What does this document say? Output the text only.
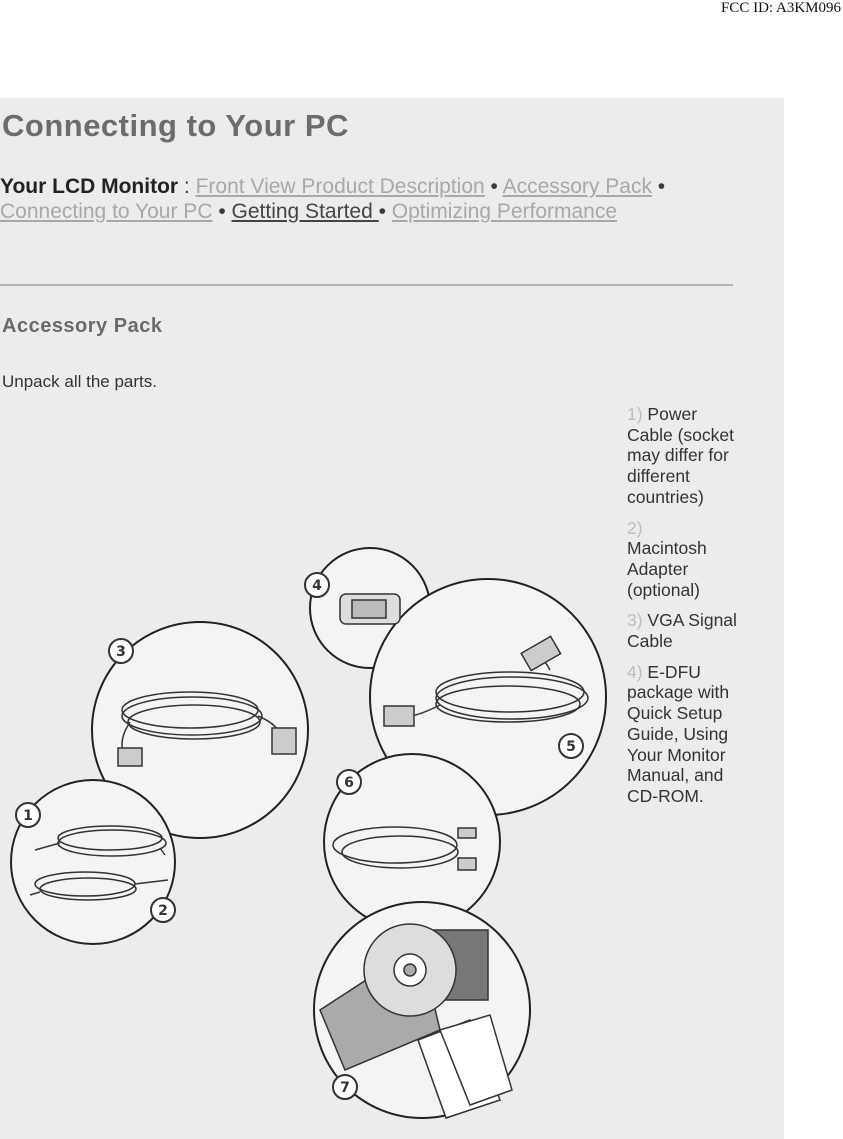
FCC ID: A3KM096
Connecting to Your PC
Your LCD Monitor : Front View Product Description • Accessory Pack • Connecting to Your PC • Getting Started • Optimizing Performance
Accessory Pack
Unpack all the parts.
1) Power Cable (socket may differ for different countries)
2)
Macintosh Adapter (optional)
3) VGA Signal Cable
4) E-DFU package with Quick Setup Guide, Using Your Monitor Manual, and CD-ROM.
1
2
3
4
5
6
7
